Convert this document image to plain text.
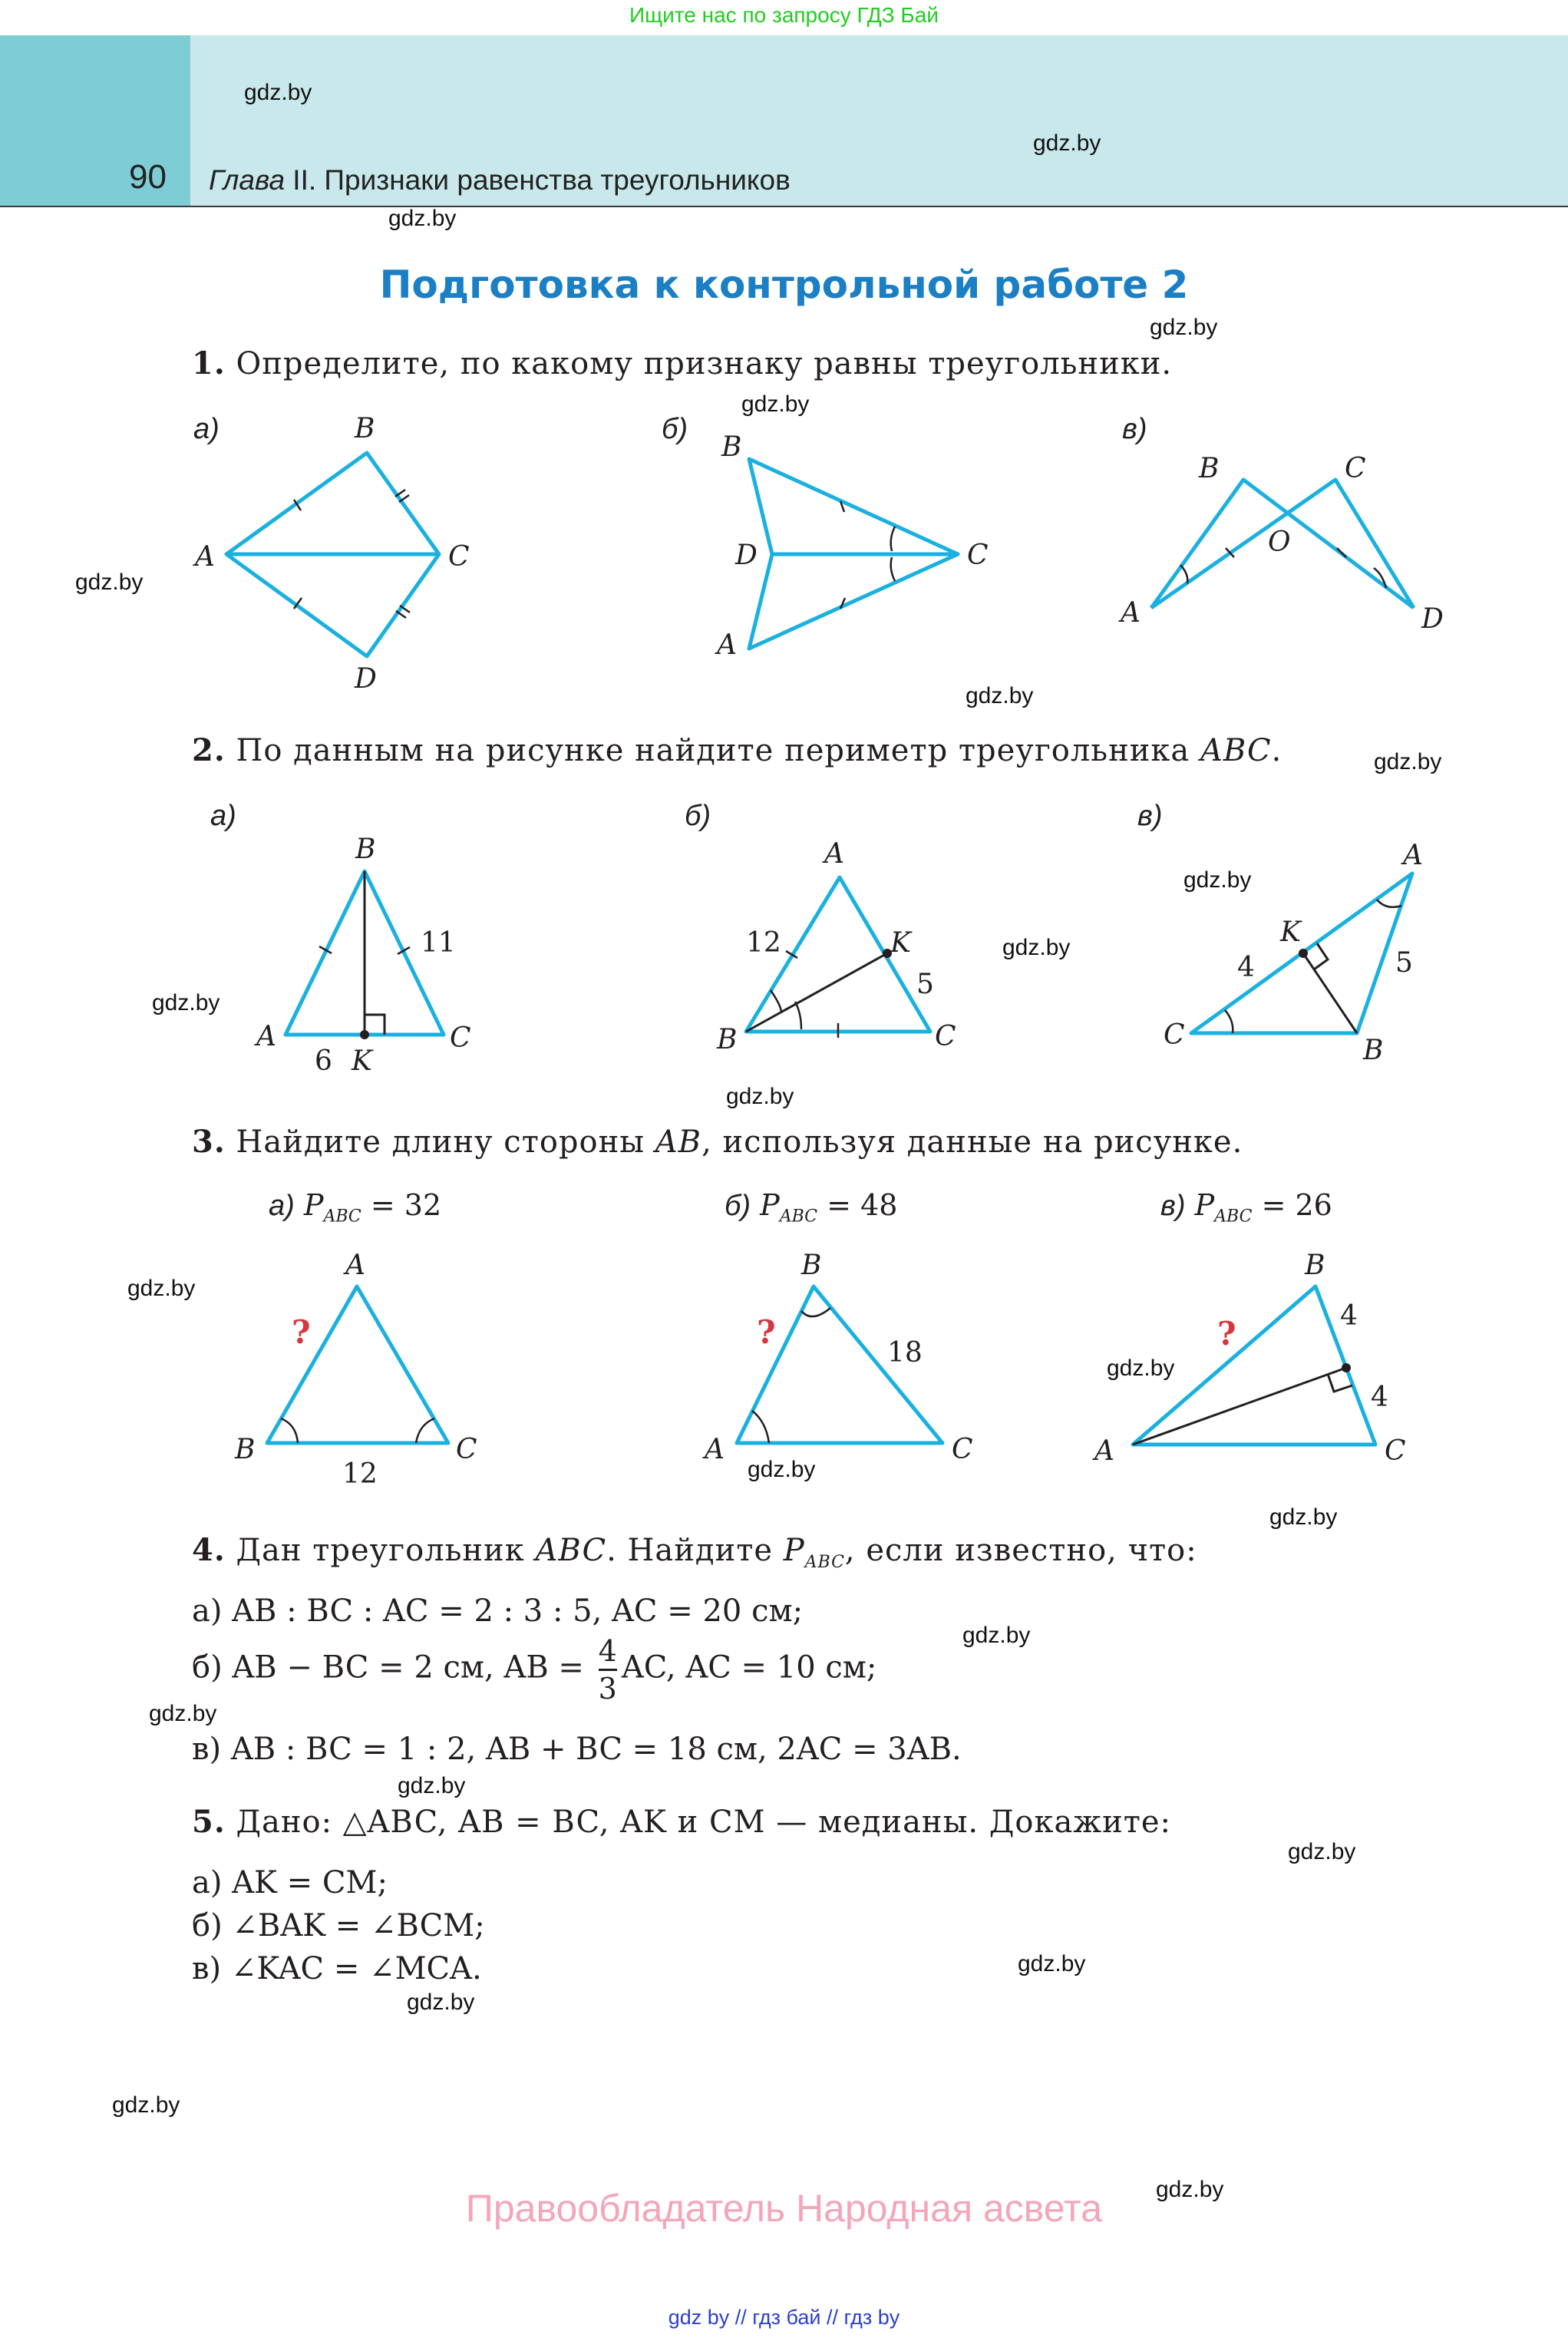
Ищите нас по запросу ГДЗ Бай
90 Глава II. Признаки равенства треугольников
Подготовка к контрольной работе 2
gdz.by
gdz.by
gdz.by
gdz.by
gdz.by
gdz.by
gdz.by
gdz.by
gdz.by
gdz.by
gdz.by
gdz.by
gdz.by
gdz.by
gdz.by
gdz.by
gdz.by
gdz.by
gdz.by
gdz.by
gdz.by
gdz.by
gdz.by
gdz.by
1. Определите, по какому признаку равны треугольники.
а)	б)	в)
B
A	C
D
B
D	C
A
B	C
O
A	D
B
11
A	C
6 K
A
12	K
5
B	C
A
K
4	5
C	B
A
?
B	C
12
B
?
18
A	C
B
?	4
4
A	C
2. По данным на рисунке найдите периметр треугольника ABC.
а)	б)	в)
3. Найдите длину стороны AB, используя данные на рисунке.
а) $P_{ABC} = 32$	б) $P_{ABC} = 48$	в) $P_{ABC} = 26$
4. Дан треугольник ABC. Найдите $P_{ABC}$, если известно, что:
а) AB : BC : AC = 2 : 3 : 5, AC = 20 см;
б) AB − BC = 2 см, AB = $\frac{4}{3}$ AC, AC = 10 см;
в) AB : BC = 1 : 2, AB + BC = 18 см, 2AC = 3AB.
5. Дано: △ABC, AB = BC, AK и CM — медианы. Докажите:
а) AK = CM;
б) ∠BAK = ∠BCM;
в) ∠KAC = ∠MCA.
Правообладатель Народная асвета
gdz by // гдз бай // гдз by
